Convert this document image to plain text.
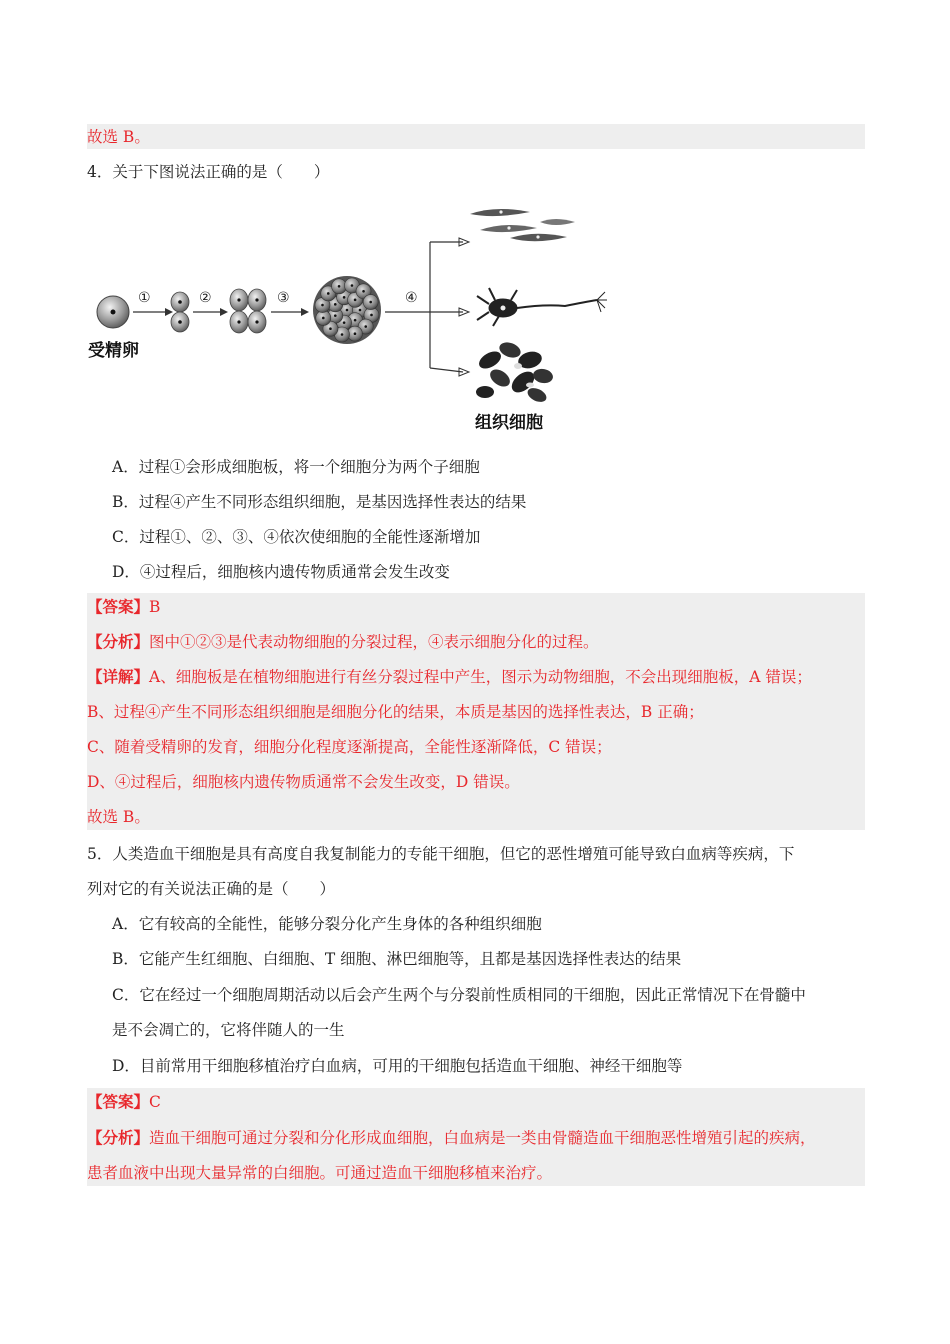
故选 B。
4．关于下图说法正确的是（　　）
受精卵
①	②	③	④
组织细胞
A．过程①会形成细胞板，将一个细胞分为两个子细胞
B．过程④产生不同形态组织细胞，是基因选择性表达的结果
C．过程①、②、③、④依次使细胞的全能性逐渐增加
D．④过程后，细胞核内遗传物质通常会发生改变
【答案】B
【分析】图中①②③是代表动物细胞的分裂过程，④表示细胞分化的过程。
【详解】A、细胞板是在植物细胞进行有丝分裂过程中产生，图示为动物细胞，不会出现细胞板，A 错误；
B、过程④产生不同形态组织细胞是细胞分化的结果，本质是基因的选择性表达，B 正确；
C、随着受精卵的发育，细胞分化程度逐渐提高，全能性逐渐降低，C 错误；
D、④过程后，细胞核内遗传物质通常不会发生改变，D 错误。
故选 B。
5．人类造血干细胞是具有高度自我复制能力的专能干细胞，但它的恶性增殖可能导致白血病等疾病，下
列对它的有关说法正确的是（　　）
A．它有较高的全能性，能够分裂分化产生身体的各种组织细胞
B．它能产生红细胞、白细胞、T 细胞、淋巴细胞等，且都是基因选择性表达的结果
C．它在经过一个细胞周期活动以后会产生两个与分裂前性质相同的干细胞，因此正常情况下在骨髓中
是不会凋亡的，它将伴随人的一生
D．目前常用干细胞移植治疗白血病，可用的干细胞包括造血干细胞、神经干细胞等
【答案】C
【分析】造血干细胞可通过分裂和分化形成血细胞，白血病是一类由骨髓造血干细胞恶性增殖引起的疾病，
患者血液中出现大量异常的白细胞。可通过造血干细胞移植来治疗。
